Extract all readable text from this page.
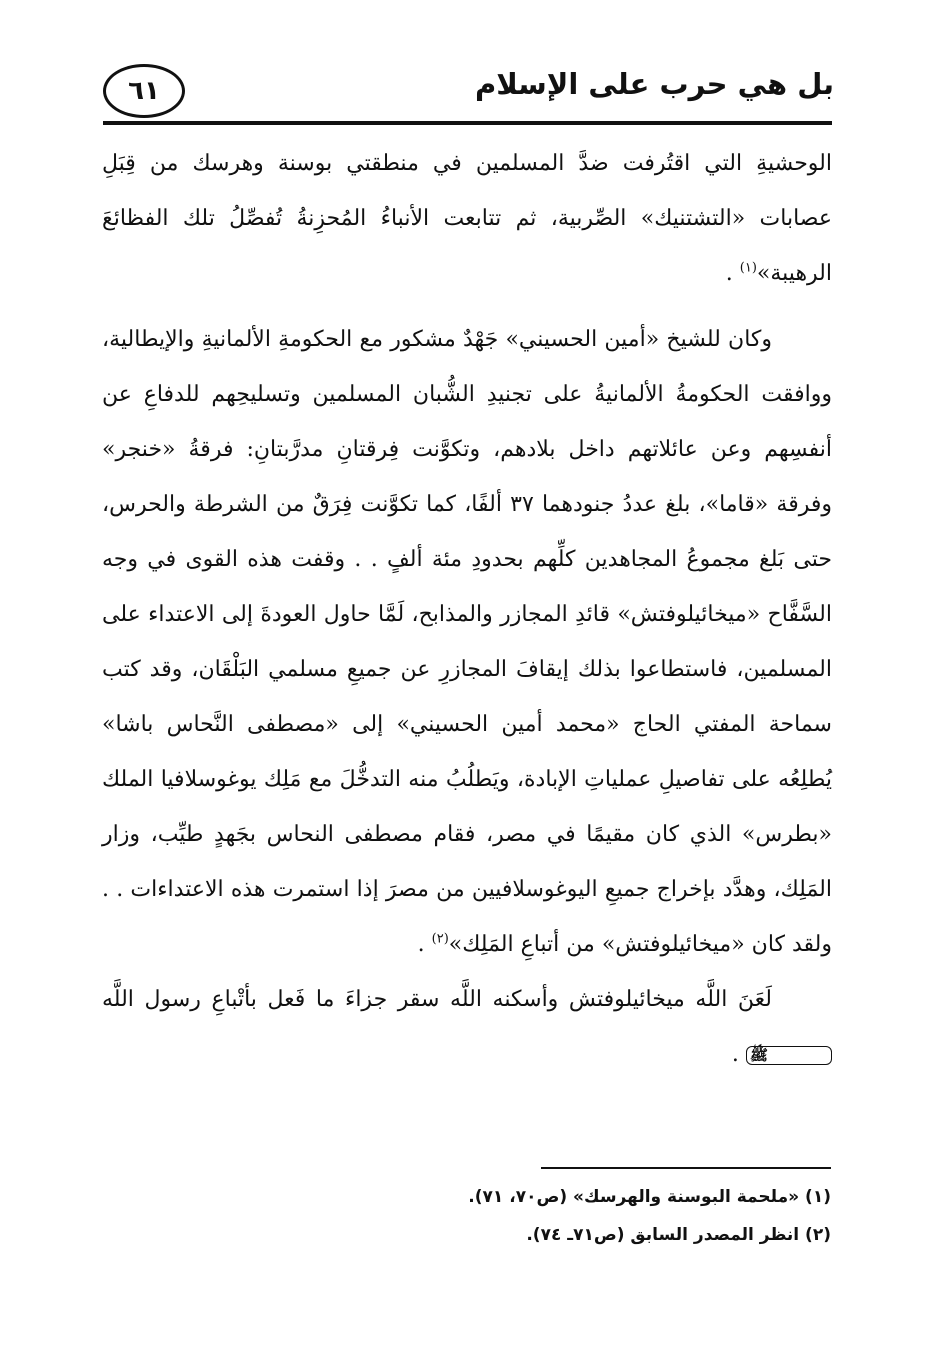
بل هي حرب على الإسلام
٦١

الوحشيةِ التي اقتُرفت ضدَّ المسلمين في منطقتي بوسنة وهرسك من قِبَلِ عصابات «التشتنيك» الصِّربية، ثم تتابعت الأنباءُ المُحزِنةُ تُفصِّلُ تلك الفظائعَ الرهيبة»$^{(١)}$ .

وكان للشيخ «أمين الحسيني» جَهْدٌ مشكور مع الحكومةِ الألمانيةِ والإيطالية، ووافقت الحكومةُ الألمانيةُ على تجنيدِ الشُّبان المسلمين وتسليحِهم للدفاعِ عن أنفسِهم وعن عائلاتهم داخل بلادهم، وتكوَّنت فِرقتانِ مدرَّبتانِ: فرقةُ «خنجر» وفرقة «قاما»، بلغ عددُ جنودهما ٣٧ ألفًا، كما تكوَّنت فِرَقٌ من الشرطة والحرس، حتى بَلغ مجموعُ المجاهدين كلِّهم بحدودِ مئة ألفٍ . . وقفت هذه القوى في وجه السَّفَّاح «ميخائيلوفتش» قائدِ المجازر والمذابح، لَمَّا حاول العودةَ إلى الاعتداء على المسلمين، فاستطاعوا بذلك إيقافَ المجازرِ عن جميعِ مسلمي البَلْقَان، وقد كتب سماحة المفتي الحاج «محمد أمين الحسيني» إلى «مصطفى النَّحاس باشا» يُطلِعُه على تفاصيلِ عملياتِ الإبادة، ويَطلُبُ منه التدخُّلَ مع مَلِك يوغوسلافيا الملك «بطرس» الذي كان مقيمًا في مصر، فقام مصطفى النحاس بجَهدٍ طيِّب، وزار المَلِك، وهدَّد بإخراج جميعِ اليوغوسلافيين من مصرَ إذا استمرت هذه الاعتداءات . . ولقد كان «ميخائيلوفتش» من أتباعِ المَلِك»$^{(٢)}$ .

لَعَنَ اللَّه ميخائيلوفتش وأسكنه اللَّه سقر جزاءَ ما فَعل بأتْباعِ رسول اللَّه ﷺ .

(١) «ملحمة البوسنة والهرسك» (ص٧٠، ٧١).

(٢) انظر المصدر السابق (ص٧١ـ ٧٤).
